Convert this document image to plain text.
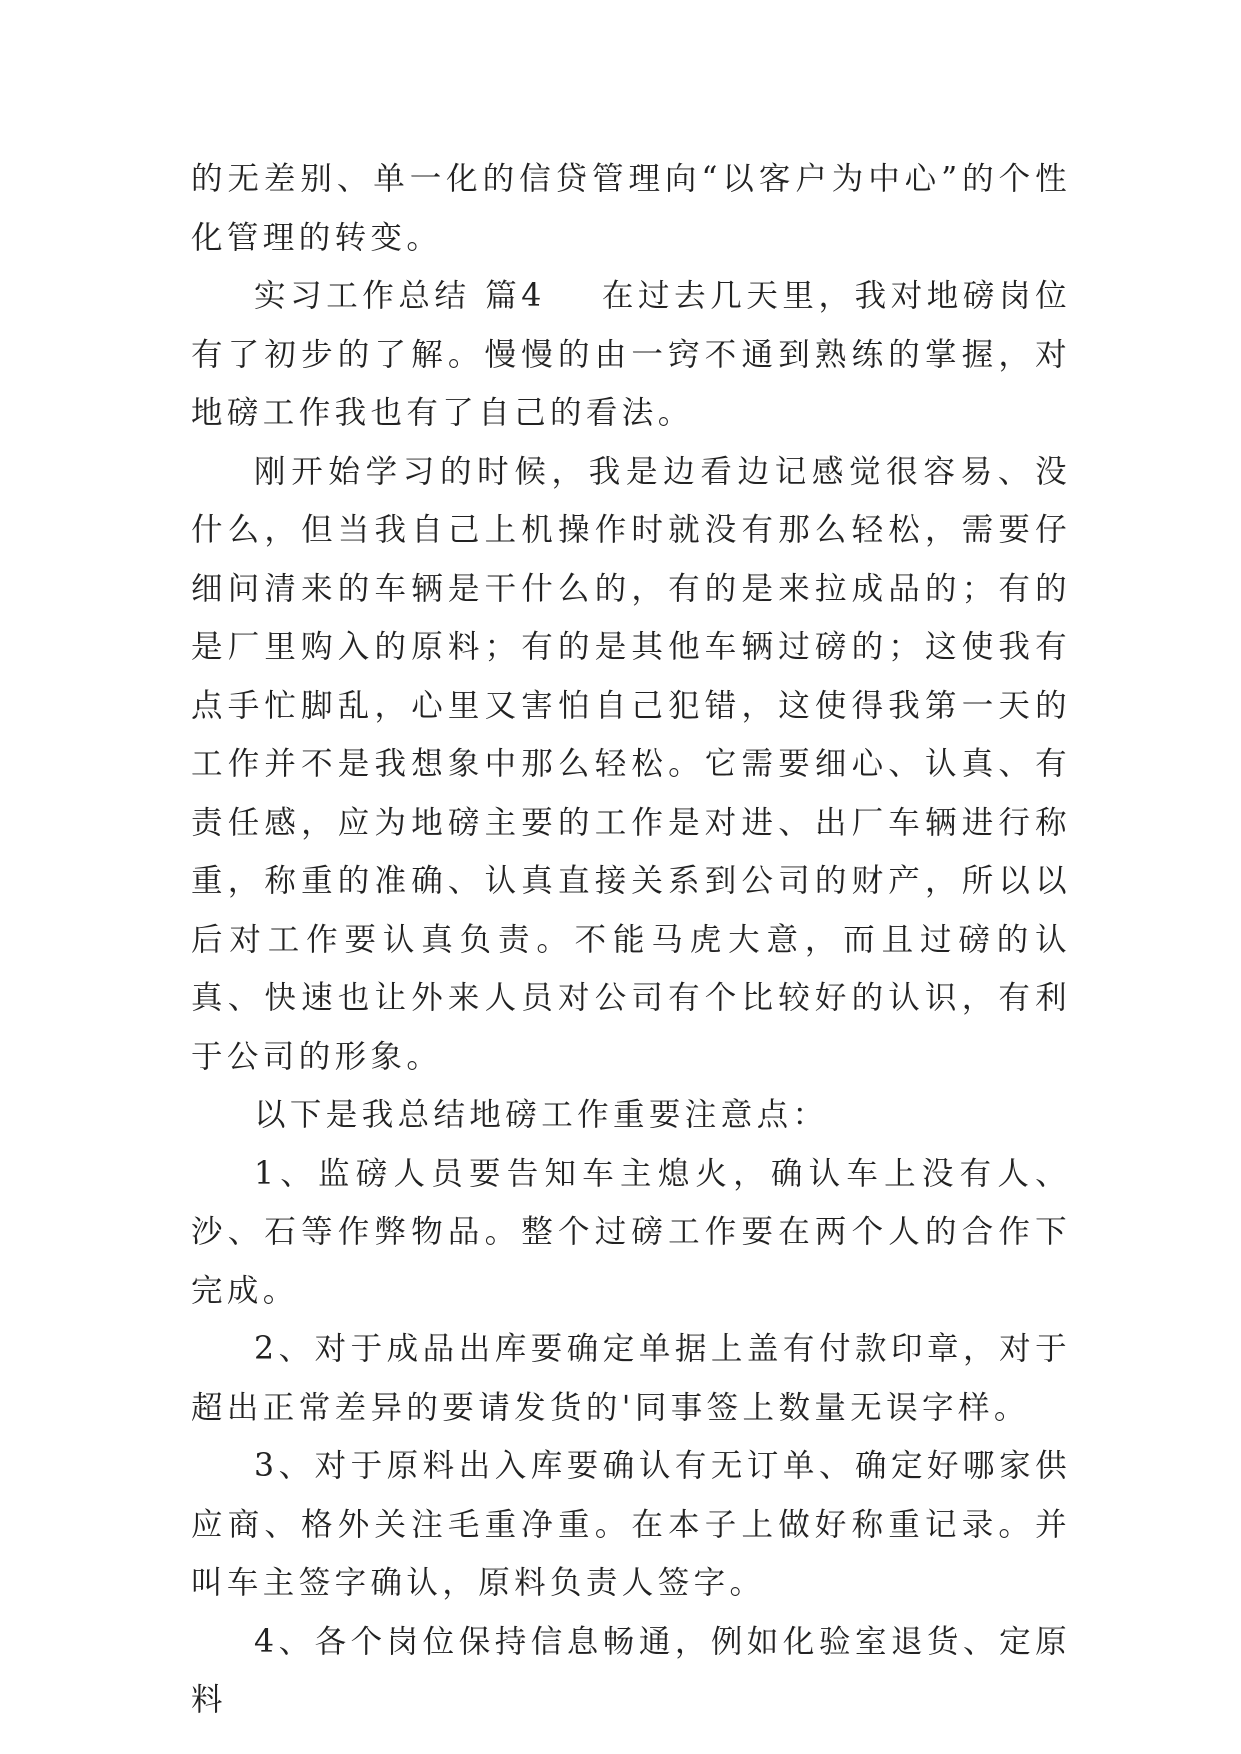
的无差别、单一化的信贷管理向“以客户为中心”的个性化管理的转变。

实习工作总结 篇4 在过去几天里，我对地磅岗位有了初步的了解。慢慢的由一窍不通到熟练的掌握，对地磅工作我也有了自己的看法。

刚开始学习的时候，我是边看边记感觉很容易、没什么，但当我自己上机操作时就没有那么轻松，需要仔细问清来的车辆是干什么的，有的是来拉成品的；有的是厂里购入的原料；有的是其他车辆过磅的；这使我有点手忙脚乱，心里又害怕自己犯错，这使得我第一天的工作并不是我想象中那么轻松。它需要细心、认真、有责任感，应为地磅主要的工作是对进、出厂车辆进行称重，称重的准确、认真直接关系到公司的财产，所以以后对工作要认真负责。不能马虎大意，而且过磅的认真、快速也让外来人员对公司有个比较好的认识，有利于公司的形象。

以下是我总结地磅工作重要注意点：

1、监磅人员要告知车主熄火，确认车上没有人、沙、石等作弊物品。整个过磅工作要在两个人的合作下完成。

2、对于成品出库要确定单据上盖有付款印章，对于超出正常差异的要请发货的'同事签上数量无误字样。

3、对于原料出入库要确认有无订单、确定好哪家供应商、格外关注毛重净重。在本子上做好称重记录。并叫车主签字确认，原料负责人签字。

4、各个岗位保持信息畅通，例如化验室退货、定原料
